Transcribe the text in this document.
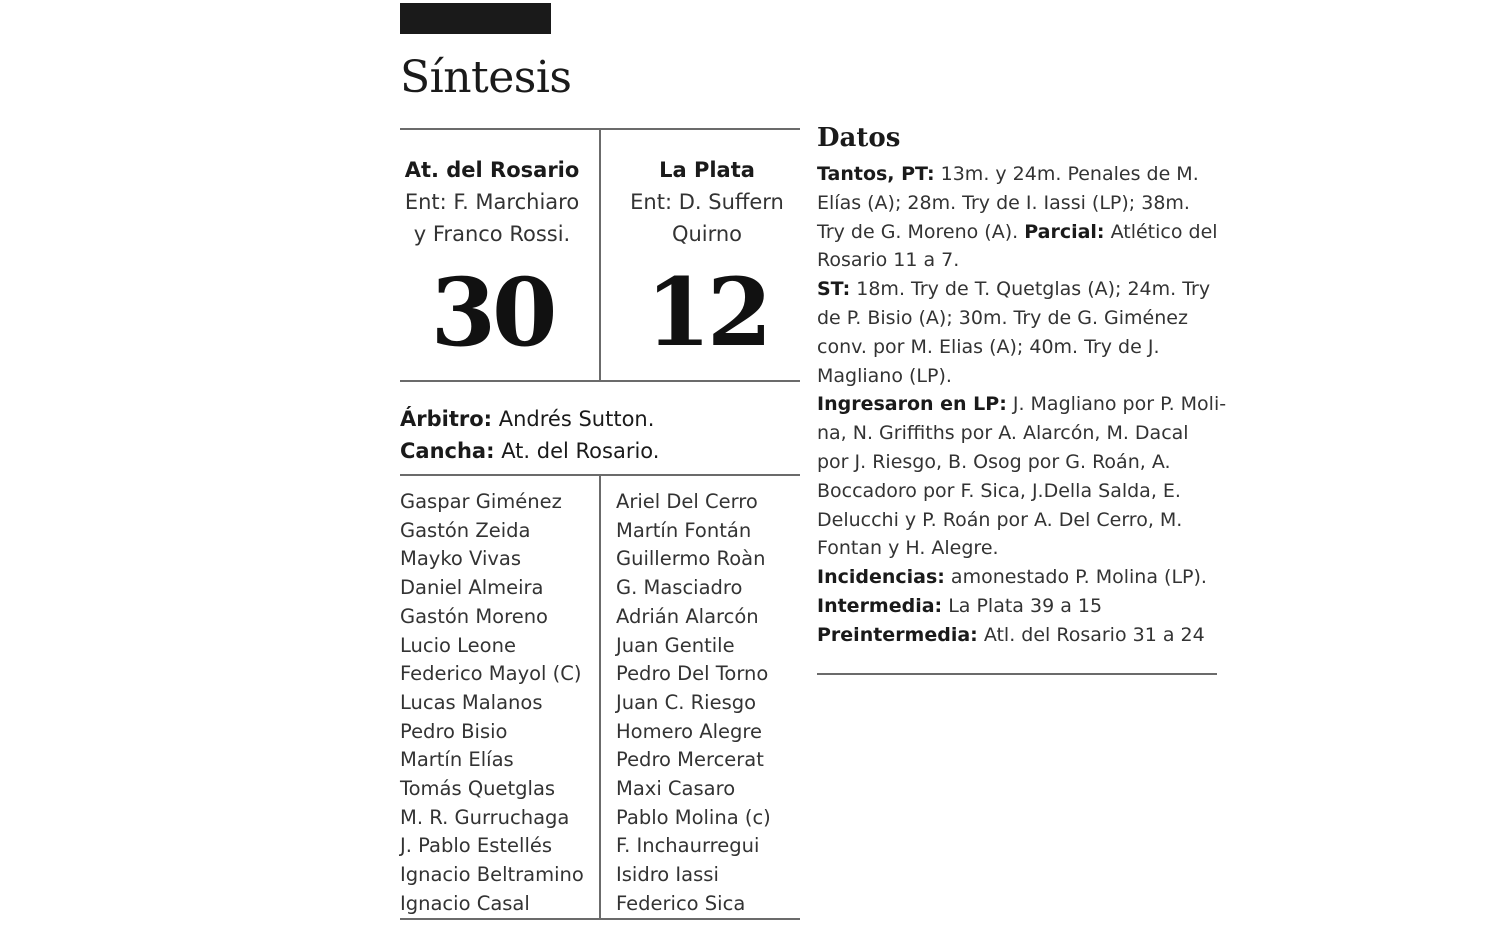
Síntesis
At. del Rosario
Ent: F. Marchiaro
y Franco Rossi.
30
La Plata
Ent: D. Suffern
Quirno
12
Árbitro: Andrés Sutton.
Cancha: At. del Rosario.
Gaspar Giménez
Gastón Zeida
Mayko Vivas
Daniel Almeira
Gastón Moreno
Lucio Leone
Federico Mayol (C)
Lucas Malanos
Pedro Bisio
Martín Elías
Tomás Quetglas
M. R. Gurruchaga
J. Pablo Estellés
Ignacio Beltramino
Ignacio Casal
Ariel Del Cerro
Martín Fontán
Guillermo Roàn
G. Masciadro
Adrián Alarcón
Juan Gentile
Pedro Del Torno
Juan C. Riesgo
Homero Alegre
Pedro Mercerat
Maxi Casaro
Pablo Molina (c)
F. Inchaurregui
Isidro Iassi
Federico Sica
Datos
Tantos, PT: 13m. y 24m. Penales de M.
Elías (A); 28m. Try de I. Iassi (LP); 38m.
Try de G. Moreno (A). Parcial: Atlético del
Rosario 11 a 7.
ST: 18m. Try de T. Quetglas (A); 24m. Try
de P. Bisio (A); 30m. Try de G. Giménez
conv. por M. Elias (A); 40m. Try de J.
Magliano (LP).
Ingresaron en LP: J. Magliano por P. Moli-
na, N. Griffiths por A. Alarcón, M. Dacal
por J. Riesgo, B. Osog por G. Roán, A.
Boccadoro por F. Sica, J.Della Salda, E.
Delucchi y P. Roán por A. Del Cerro, M.
Fontan y H. Alegre.
Incidencias: amonestado P. Molina (LP).
Intermedia: La Plata 39 a 15
Preintermedia: Atl. del Rosario 31 a 24
